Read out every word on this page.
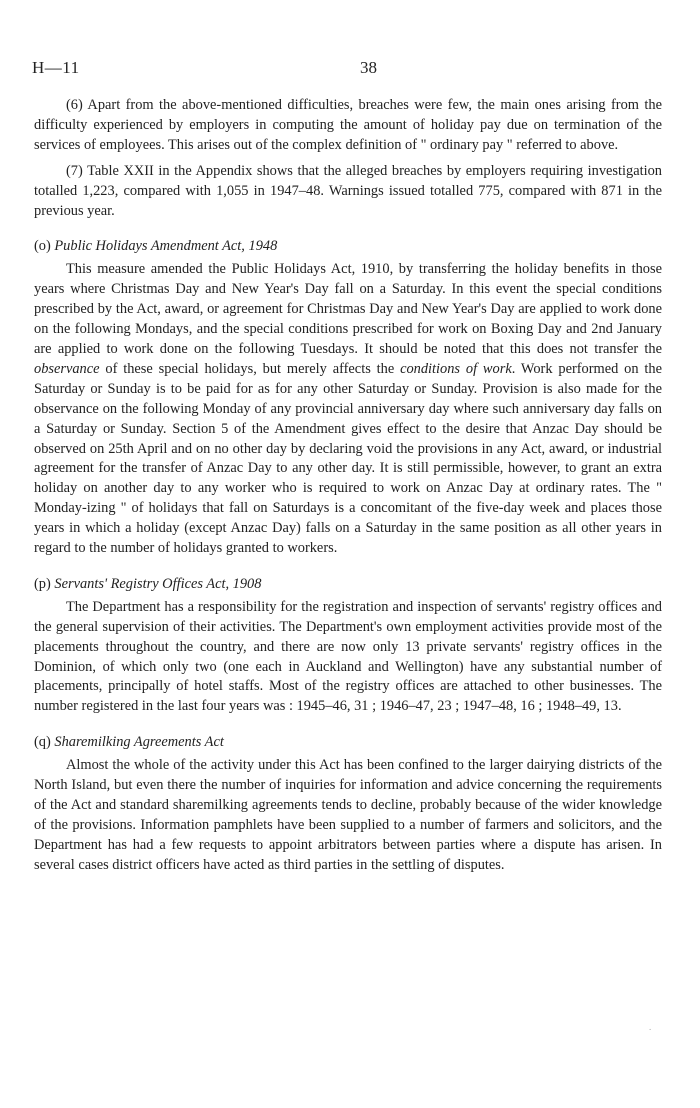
H—11	38

(6) Apart from the above-mentioned difficulties, breaches were few, the main ones arising from the difficulty experienced by employers in computing the amount of holiday pay due on termination of the services of employees. This arises out of the complex definition of " ordinary pay " referred to above.

(7) Table XXII in the Appendix shows that the alleged breaches by employers requiring investigation totalled 1,223, compared with 1,055 in 1947–48. Warnings issued totalled 775, compared with 871 in the previous year.

(o) Public Holidays Amendment Act, 1948

This measure amended the Public Holidays Act, 1910, by transferring the holiday benefits in those years where Christmas Day and New Year's Day fall on a Saturday. In this event the special conditions prescribed by the Act, award, or agreement for Christmas Day and New Year's Day are applied to work done on the following Mondays, and the special conditions prescribed for work on Boxing Day and 2nd January are applied to work done on the following Tuesdays. It should be noted that this does not transfer the observance of these special holidays, but merely affects the conditions of work. Work performed on the Saturday or Sunday is to be paid for as for any other Saturday or Sunday. Provision is also made for the observance on the following Monday of any provincial anniversary day where such anniversary day falls on a Saturday or Sunday. Section 5 of the Amendment gives effect to the desire that Anzac Day should be observed on 25th April and on no other day by declaring void the provisions in any Act, award, or industrial agreement for the transfer of Anzac Day to any other day. It is still permissible, however, to grant an extra holiday on another day to any worker who is required to work on Anzac Day at ordinary rates. The " Monday-izing " of holidays that fall on Saturdays is a concomitant of the five-day week and places those years in which a holiday (except Anzac Day) falls on a Saturday in the same position as all other years in regard to the number of holidays granted to workers.

(p) Servants' Registry Offices Act, 1908

The Department has a responsibility for the registration and inspection of servants' registry offices and the general supervision of their activities. The Department's own employment activities provide most of the placements throughout the country, and there are now only 13 private servants' registry offices in the Dominion, of which only two (one each in Auckland and Wellington) have any substantial number of placements, principally of hotel staffs. Most of the registry offices are attached to other businesses. The number registered in the last four years was : 1945–46, 31 ; 1946–47, 23 ; 1947–48, 16 ; 1948–49, 13.

(q) Sharemilking Agreements Act

Almost the whole of the activity under this Act has been confined to the larger dairying districts of the North Island, but even there the number of inquiries for information and advice concerning the requirements of the Act and standard sharemilking agreements tends to decline, probably because of the wider knowledge of the provisions. Information pamphlets have been supplied to a number of farmers and solicitors, and the Department has had a few requests to appoint arbitrators between parties where a dispute has arisen. In several cases district officers have acted as third parties in the settling of disputes.

.
